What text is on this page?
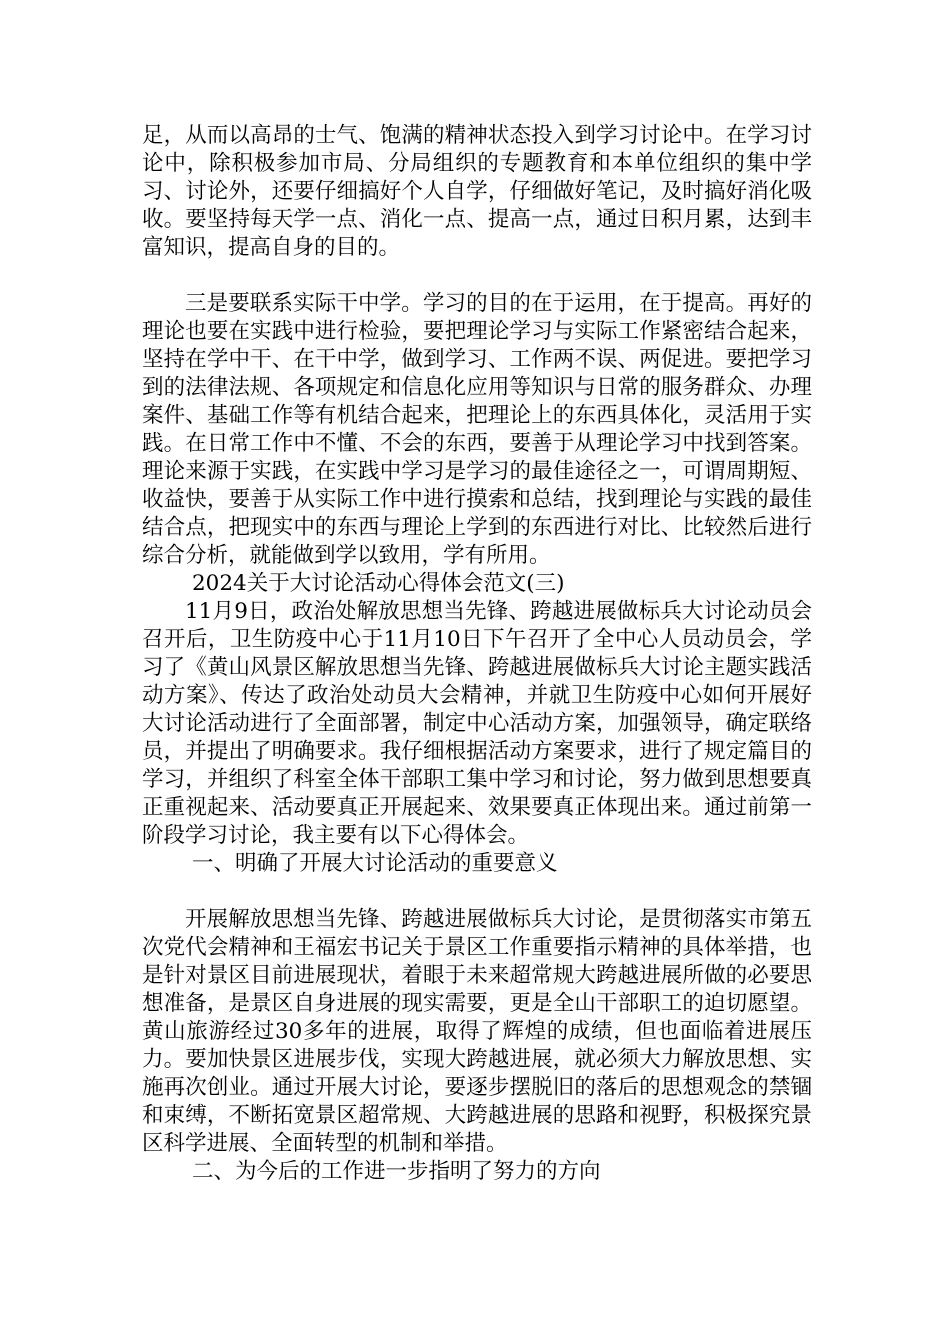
足，从而以高昂的士气、饱满的精神状态投入到学习讨论中。在学习讨论中，除积极参加市局、分局组织的专题教育和本单位组织的集中学习、讨论外，还要仔细搞好个人自学，仔细做好笔记，及时搞好消化吸收。要坚持每天学一点、消化一点、提高一点，通过日积月累，达到丰富知识，提高自身的目的。

三是要联系实际干中学。学习的目的在于运用，在于提高。再好的理论也要在实践中进行检验，要把理论学习与实际工作紧密结合起来，坚持在学中干、在干中学，做到学习、工作两不误、两促进。要把学习到的法律法规、各项规定和信息化应用等知识与日常的服务群众、办理案件、基础工作等有机结合起来，把理论上的东西具体化，灵活用于实践。在日常工作中不懂、不会的东西，要善于从理论学习中找到答案。理论来源于实践，在实践中学习是学习的最佳途径之一，可谓周期短、收益快，要善于从实际工作中进行摸索和总结，找到理论与实践的最佳结合点，把现实中的东西与理论上学到的东西进行对比、比较然后进行综合分析，就能做到学以致用，学有所用。

2024关于大讨论活动心得体会范文(三)

11月9日，政治处解放思想当先锋、跨越进展做标兵大讨论动员会召开后，卫生防疫中心于11月10日下午召开了全中心人员动员会，学习了《黄山风景区解放思想当先锋、跨越进展做标兵大讨论主题实践活动方案》、传达了政治处动员大会精神，并就卫生防疫中心如何开展好大讨论活动进行了全面部署，制定中心活动方案，加强领导，确定联络员，并提出了明确要求。我仔细根据活动方案要求，进行了规定篇目的学习，并组织了科室全体干部职工集中学习和讨论，努力做到思想要真正重视起来、活动要真正开展起来、效果要真正体现出来。通过前第一阶段学习讨论，我主要有以下心得体会。

一、明确了开展大讨论活动的重要意义

开展解放思想当先锋、跨越进展做标兵大讨论，是贯彻落实市第五次党代会精神和王福宏书记关于景区工作重要指示精神的具体举措，也是针对景区目前进展现状，着眼于未来超常规大跨越进展所做的必要思想准备，是景区自身进展的现实需要，更是全山干部职工的迫切愿望。黄山旅游经过30多年的进展，取得了辉煌的成绩，但也面临着进展压力。要加快景区进展步伐，实现大跨越进展，就必须大力解放思想、实施再次创业。通过开展大讨论，要逐步摆脱旧的落后的思想观念的禁锢和束缚，不断拓宽景区超常规、大跨越进展的思路和视野，积极探究景区科学进展、全面转型的机制和举措。

二、为今后的工作进一步指明了努力的方向
